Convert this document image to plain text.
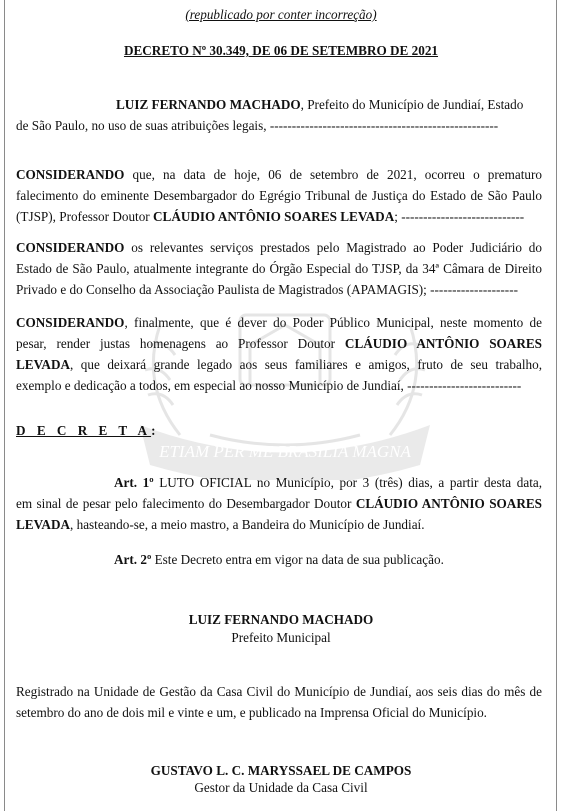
ETIAM PER ME BRASILIA MAGNA

(republicado por conter incorreção)

DECRETO Nº 30.349, DE 06 DE SETEMBRO DE 2021

LUIZ FERNANDO MACHADO, Prefeito do Município de Jundiaí, Estado
de São Paulo, no uso de suas atribuições legais, ----------------------------------------------------
CONSIDERANDO que, na data de hoje, 06 de setembro de 2021, ocorreu o prematuro
falecimento do eminente Desembargador do Egrégio Tribunal de Justiça do Estado de São Paulo
(TJSP), Professor Doutor CLÁUDIO ANTÔNIO SOARES LEVADA; ----------------------------
CONSIDERANDO os relevantes serviços prestados pelo Magistrado ao Poder Judiciário do
Estado de São Paulo, atualmente integrante do Órgão Especial do TJSP, da 34ª Câmara de Direito
Privado e do Conselho da Associação Paulista de Magistrados (APAMAGIS); --------------------
CONSIDERANDO, finalmente, que é dever do Poder Público Municipal, neste momento de
pesar, render justas homenagens ao Professor Doutor CLÁUDIO ANTÔNIO SOARES
LEVADA, que deixará grande legado aos seus familiares e amigos, fruto de seu trabalho,
exemplo e dedicação a todos, em especial ao nosso Município de Jundiaí, --------------------------
D E C R E T A:
Art. 1º LUTO OFICIAL no Município, por 3 (três) dias, a partir desta data,
em sinal de pesar pelo falecimento do Desembargador Doutor CLÁUDIO ANTÔNIO SOARES
LEVADA, hasteando-se, a meio mastro, a Bandeira do Município de Jundiaí.
Art. 2º Este Decreto entra em vigor na data de sua publicação.

LUIZ FERNANDO MACHADO

Prefeito Municipal

Registrado na Unidade de Gestão da Casa Civil do Município de Jundiaí, aos seis dias do mês de
setembro do ano de dois mil e vinte e um, e publicado na Imprensa Oficial do Município.

GUSTAVO L. C. MARYSSAEL DE CAMPOS

Gestor da Unidade da Casa Civil
